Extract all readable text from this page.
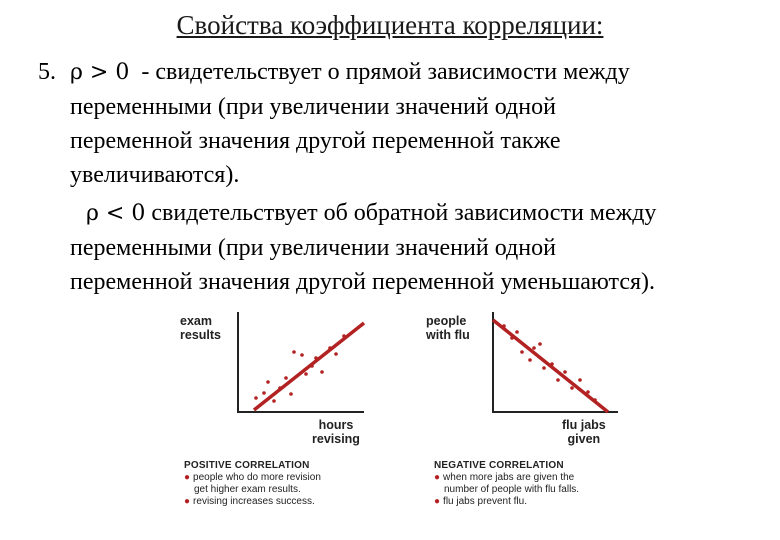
Свойства коэффициента корреляции:
5. ρ > 0 - свидетельствует о прямой зависимости между
переменными (при увеличении значений одной
переменной значения другой переменной также
увеличиваются).
ρ < 0 свидетельствует об обратной зависимости между
переменными (при увеличении значений одной
переменной значения другой переменной уменьшаются).
exam
results
hours
revising
POSITIVE CORRELATION
● people who do more revision
get higher exam results.
● revising increases success.
people
with flu
flu jabs
given
NEGATIVE CORRELATION
● when more jabs are given the
number of people with flu falls.
● flu jabs prevent flu.
